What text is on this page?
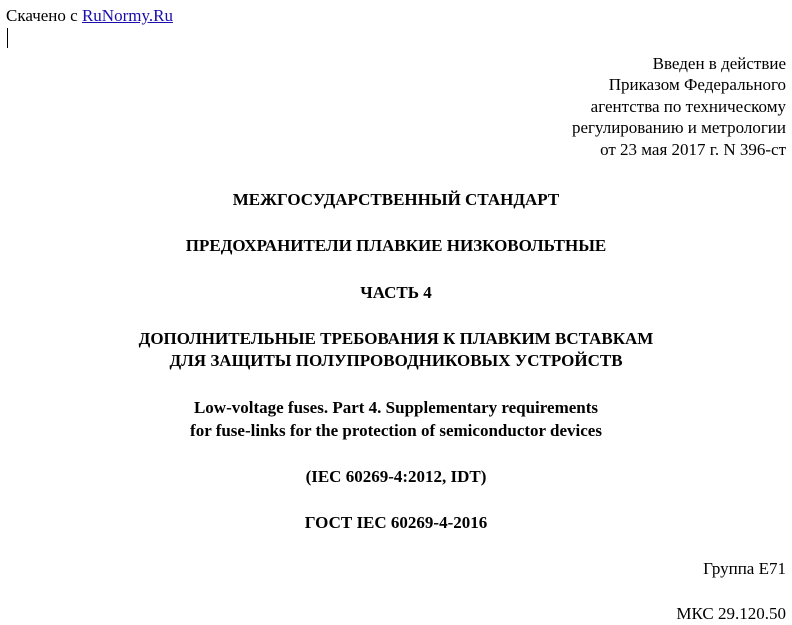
Скачено с RuNormy.Ru
Введен в действие
Приказом Федерального
агентства по техническому
регулированию и метрологии
от 23 мая 2017 г. N 396-ст
МЕЖГОСУДАРСТВЕННЫЙ СТАНДАРТ
ПРЕДОХРАНИТЕЛИ ПЛАВКИЕ НИЗКОВОЛЬТНЫЕ
ЧАСТЬ 4
ДОПОЛНИТЕЛЬНЫЕ ТРЕБОВАНИЯ К ПЛАВКИМ ВСТАВКАМ
ДЛЯ ЗАЩИТЫ ПОЛУПРОВОДНИКОВЫХ УСТРОЙСТВ
Low-voltage fuses. Part 4. Supplementary requirements
for fuse-links for the protection of semiconductor devices
(IEC 60269-4:2012, IDT)
ГОСТ IEC 60269-4-2016
Группа Е71
МКС 29.120.50
